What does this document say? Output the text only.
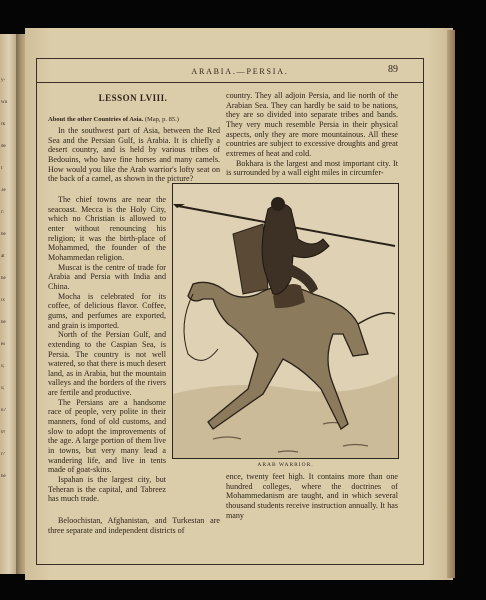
y-
wu
rk
de
t
3e
r:
be
at
he
ix
he
es
s;
s;
n?
0!
r?
he
ARABIA.—PERSIA.	89
LESSON LVIII.
About the other Countries of Asia. (Map, p. 85.)

In the southwest part of Asia, between the Red Sea and the Persian Gulf, is Arabia. It is chiefly a desert country, and is held by various tribes of Bedouins, who have fine horses and many camels. How would you like the Arab warrior's lofty seat on the back of a camel, as shown in the picture?

The chief towns are near the seacoast. Mecca is the Holy City, which no Christian is allowed to enter without renouncing his religion; it was the birth-place of Mohammed, the founder of the Mohammedan religion.

Muscat is the centre of trade for Arabia and Persia with India and China.

Mocha is celebrated for its coffee, of delicious flavor. Coffee, gums, and perfumes are exported, and grain is imported.

North of the Persian Gulf, and extending to the Caspian Sea, is Persia. The country is not well watered, so that there is much desert land, as in Arabia, but the mountain valleys and the borders of the rivers are fertile and productive.

The Persians are a handsome race of people, very polite in their manners, fond of old customs, and slow to adopt the improvements of the age. A large portion of them live in towns, but very many lead a wandering life, and live in tents made of goat-skins.

Ispahan is the largest city, but Teheran is the capital, and Tabreez has much trade.

Beloochistan, Afghanistan, and Turkestan are three separate and independent districts of

country. They all adjoin Persia, and lie north of the Arabian Sea. They can hardly be said to be nations, they are so divided into separate tribes and bands. They very much resemble Persia in their physical aspects, only they are more mountainous. All these countries are subject to excessive droughts and great extremes of heat and cold.

Bokhara is the largest and most important city. It is surrounded by a wall eight miles in circumfer-

ARAB WARRIOR.

ence, twenty feet high. It contains more than one hundred colleges, where the doctrines of Mohammedanism are taught, and in which several thousand students receive instruction annually. It has many
